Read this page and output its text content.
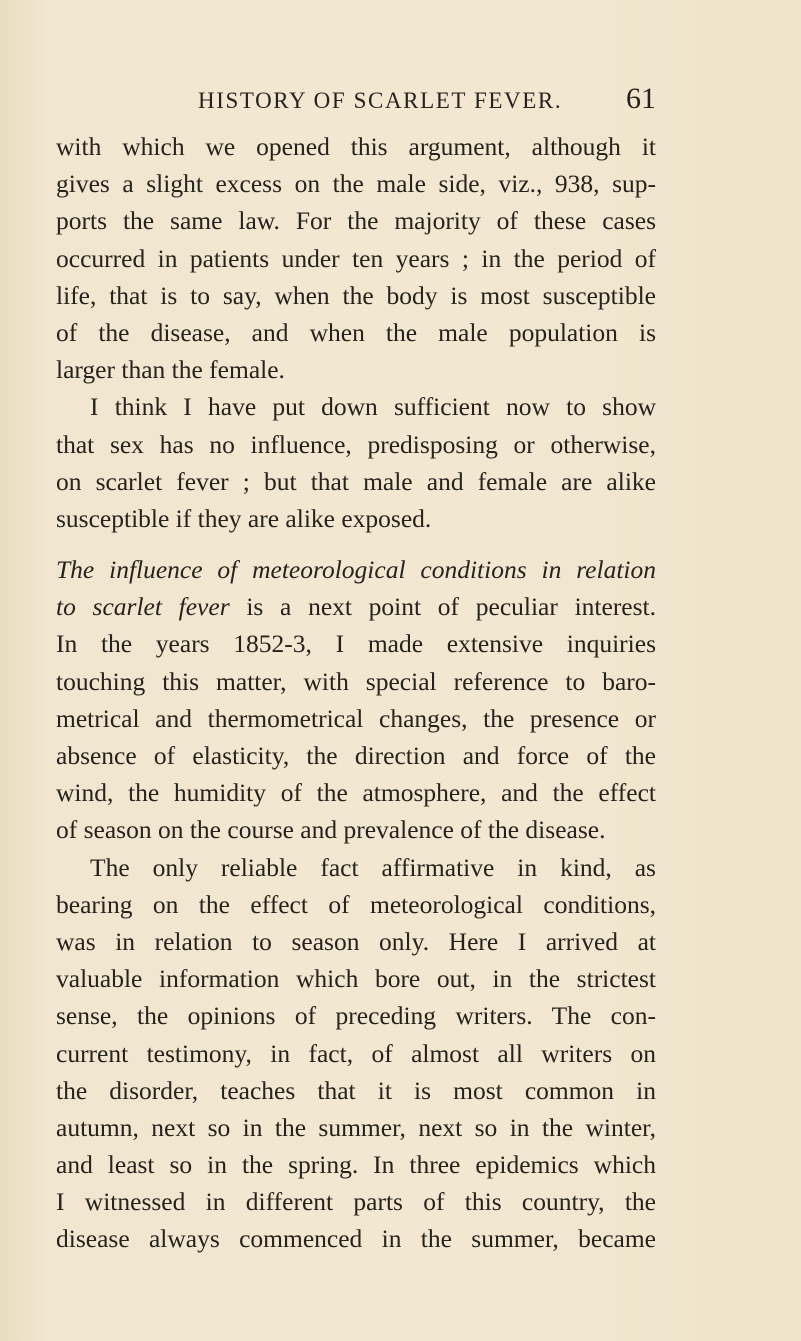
HISTORY OF SCARLET FEVER. 61
with which we opened this argument, although it
gives a slight excess on the male side, viz., 938, sup-
ports the same law. For the majority of these cases
occurred in patients under ten years ; in the period of
life, that is to say, when the body is most susceptible
of the disease, and when the male population is
larger than the female.
I think I have put down sufficient now to show
that sex has no influence, predisposing or otherwise,
on scarlet fever ; but that male and female are alike
susceptible if they are alike exposed.
The influence of meteorological conditions in relation
to scarlet fever is a next point of peculiar interest.
In the years 1852-3, I made extensive inquiries
touching this matter, with special reference to baro-
metrical and thermometrical changes, the presence or
absence of elasticity, the direction and force of the
wind, the humidity of the atmosphere, and the effect
of season on the course and prevalence of the disease.
The only reliable fact affirmative in kind, as
bearing on the effect of meteorological conditions,
was in relation to season only. Here I arrived at
valuable information which bore out, in the strictest
sense, the opinions of preceding writers. The con-
current testimony, in fact, of almost all writers on
the disorder, teaches that it is most common in
autumn, next so in the summer, next so in the winter,
and least so in the spring. In three epidemics which
I witnessed in different parts of this country, the
disease always commenced in the summer, became
